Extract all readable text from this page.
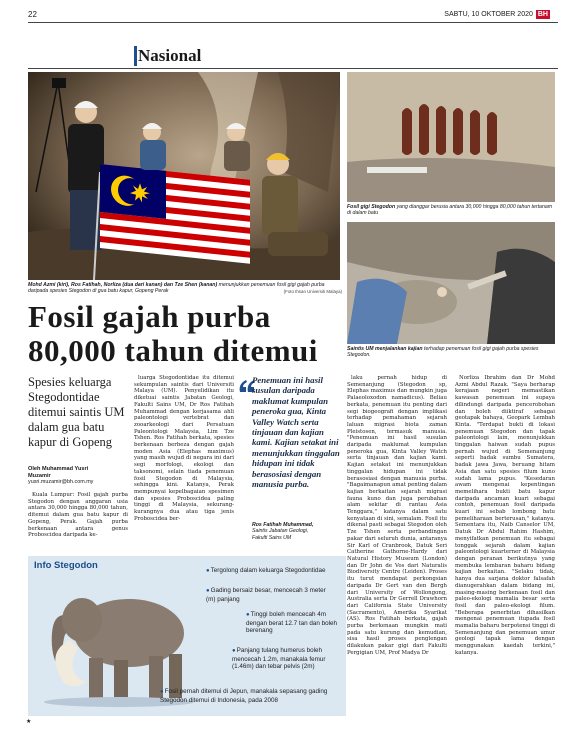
22	SABTU, 10 OKTOBER 2020 BH
Nasional
Mohd Azmi (kiri), Ros Fatihah, Norliza (dua dari kanan) dan Tze Shen (kanan) menunjukkan penemuan fosil gigi gajah purba daripada spesies Stegodon di gua batu kapur, Gopeng Perak	(Foto Ihsan Universiti Malaya)
Fosil gigi Stegodon yang dianggar berusia antara 30,000 hingga 80,000 tahun tertanam di dalam batu
Saintis UM menjalankan kajian terhadap penemuan fosil gigi gajah purba spesies Stegodon.
Fosil gajah purba
80,000 tahun ditemui
Spesies keluarga Stegodontidae ditemui saintis UM dalam gua batu kapur di Gopeng
Oleh Muhammad Yusri
Muzamir
yusri.muzamir@bh.com.my

Kuala Lumpur: Fosil gajah purba Stegodon dengan anggaran usia antara 30,000 hingga 80,000 tahun, ditemui dalam gua batu kapur di Gopeng, Perak. Gajah purba berkenaan antara genus Proboscidea daripada ke-

luarga Stegodontidae itu ditemui sekumpulan saintis dari Universiti Malaya (UM). Penyelidikan itu diketuai saintis Jabatan Geologi, Fakulti Sains UM, Dr Ros Fatihah Muhammad dengan kerjasama ahli paleontologi vertebrat dan zooarkeologi dari Persatuan Paleontologi Malaysia, Lim Tze Tshen. Ros Fatihah berkata, spesies berkenaan berbeza dengan gajah moden Asia (Elephas maximus) yang masih wujud di negara ini dari segi morfologi, ekologi dan taksonomi, selain tiada penemuan fosil Stegodon di Malaysia, sehingga kini. Katanya, Perak mempunyai kepelbagaian spesimen dan spesies Proboscidea paling tinggi di Malaysia, sekurang-kurangnya dua atau tiga jenis Proboscidea ber-

Penemuan ini hasil susulan daripada maklumat kumpulan peneroka gua, Kinta Valley Watch serta tinjauan dan kajian kami. Kajian setakat ini menunjukkan tinggalan hidupan ini tidak berasosiasi dengan manusia purba.
Ros Fatihah Muhammad,
Saintis Jabatan Geologi,
Fakulti Sains UM

laku pernah hidup di Semenanjung (Stegodon sp, Elephas maximus dan mungkin juga Palaeoloxodon namadicus). Beliau berkata, penemuan itu penting dari segi biogeografi dengan implikasi terhadap pemahaman sejarah laluan migrasi biota zaman Pleistosen, termasuk manusia. "Penemuan ini hasil susulan daripada maklumat kumpulan peneroka gua, Kinta Valley Watch serta tinjauan dan kajian kami. Kajian setakat ini menunjukkan tinggalan hidupan ini tidak berasosiasi dengan manusia purba. "Bagaimanapun amat penting dalam kajian berkaitan sejarah migrasi fauna kuno dan juga perubahan alam sekitar di rantau Asia Tenggara," katanya dalam satu kenyataan di sini, semalam. Fosil itu dikenal pasti sebagai Stegodon oleh Tze Tshen serta perbandingan pakar dari seluruh dunia, antaranya Sir Karl of Cranbrook, Datuk Seri Catherine Gathorne-Hardy dari Natural History Museum (London) dan Dr John de Vos dari Naturalis Biodiversity Centre (Leiden). Proses itu turut mendapat perkongsian daripada Dr Gert van den Bergh dari University of Wollongong, Australia serta Dr Gerrell Drawhorn dari California State University (Sacramento), Amerika Syarikat (AS). Ros Fatihah berkata, gajah purba berkenaan mungkin mati pada satu kurung dan kemudian, sisa hasil proses penglengan dilakukan pakar gigi dari Fakulti Pergigian UM, Prof Madya Dr

Norliza Ibrahim dan Dr Mohd Azmi Abdul Razak. "Saya berharap kerajaan negeri memastikan kawasan penemuan ini supaya dilindungi daripada pencerobohan dan boleh diiktiraf sebagai geotapak bahaya, Geopark Lembah Kinta. "Terdapat bukti di lokasi penemuan Stegodon dan tapak paleontologi lain, menunjukkan tinggalan haiwan sudah pupus pernah wujud di Semenanjung seperti badak sumbu Sumatera, badak jawa Jawa, beruang hitam Asia dan satu spesies filum kuno sudah lama pupus. "Kesedaran awam mengenai kepentingan memelihara bukti batu kapur daripada ancaman kuari sebagai contoh, penemuan fosil daripada kuari ini sebab lombong batu pemeliharaan berterusan," katanya. Sementara itu, Naib Canselor UM, Datuk Dr Abdul Rahim Hashim, menyifatkan penemuan itu sebagai tonggak sejarah dalam kajian paleontologi kuarterner di Malaysia dengan peranan berikutnya yang membuka lembaran baharu bidang kajian berkaitan. "Selaku tidak, hanya dua sarjana doktor falsafah dianugerahkan dalam bidang ini, masing-masing berkenaan fosil dan paleo-ekologi mamalia besar serta fosil dan paleo-ekologi filum. "Beberapa penerbitan dihasilkan mengenai penemuan itupada fosil mamalia baharu berpotensi tinggi di Semenanjung dan penemuan umur geologi tapak lama dengan menggunakan kaedah terkini," katanya.

Info Stegodon	●Tergolong dalam keluarga Stegodontidae
●Gading bersaiz besar, mencecah 3 meter (m) panjang
●Tinggi boleh mencecah 4m dengan berat 12.7 tan dan boleh berenang
●Panjang tulang humerus boleh mencecah 1.2m, manakala femur (1.46m) dan tebar pelvis (2m)
●Fosil pernah ditemui di Jepun, manakala sepasang gading Stegodon ditemui di Indonesia, pada 2008
★
